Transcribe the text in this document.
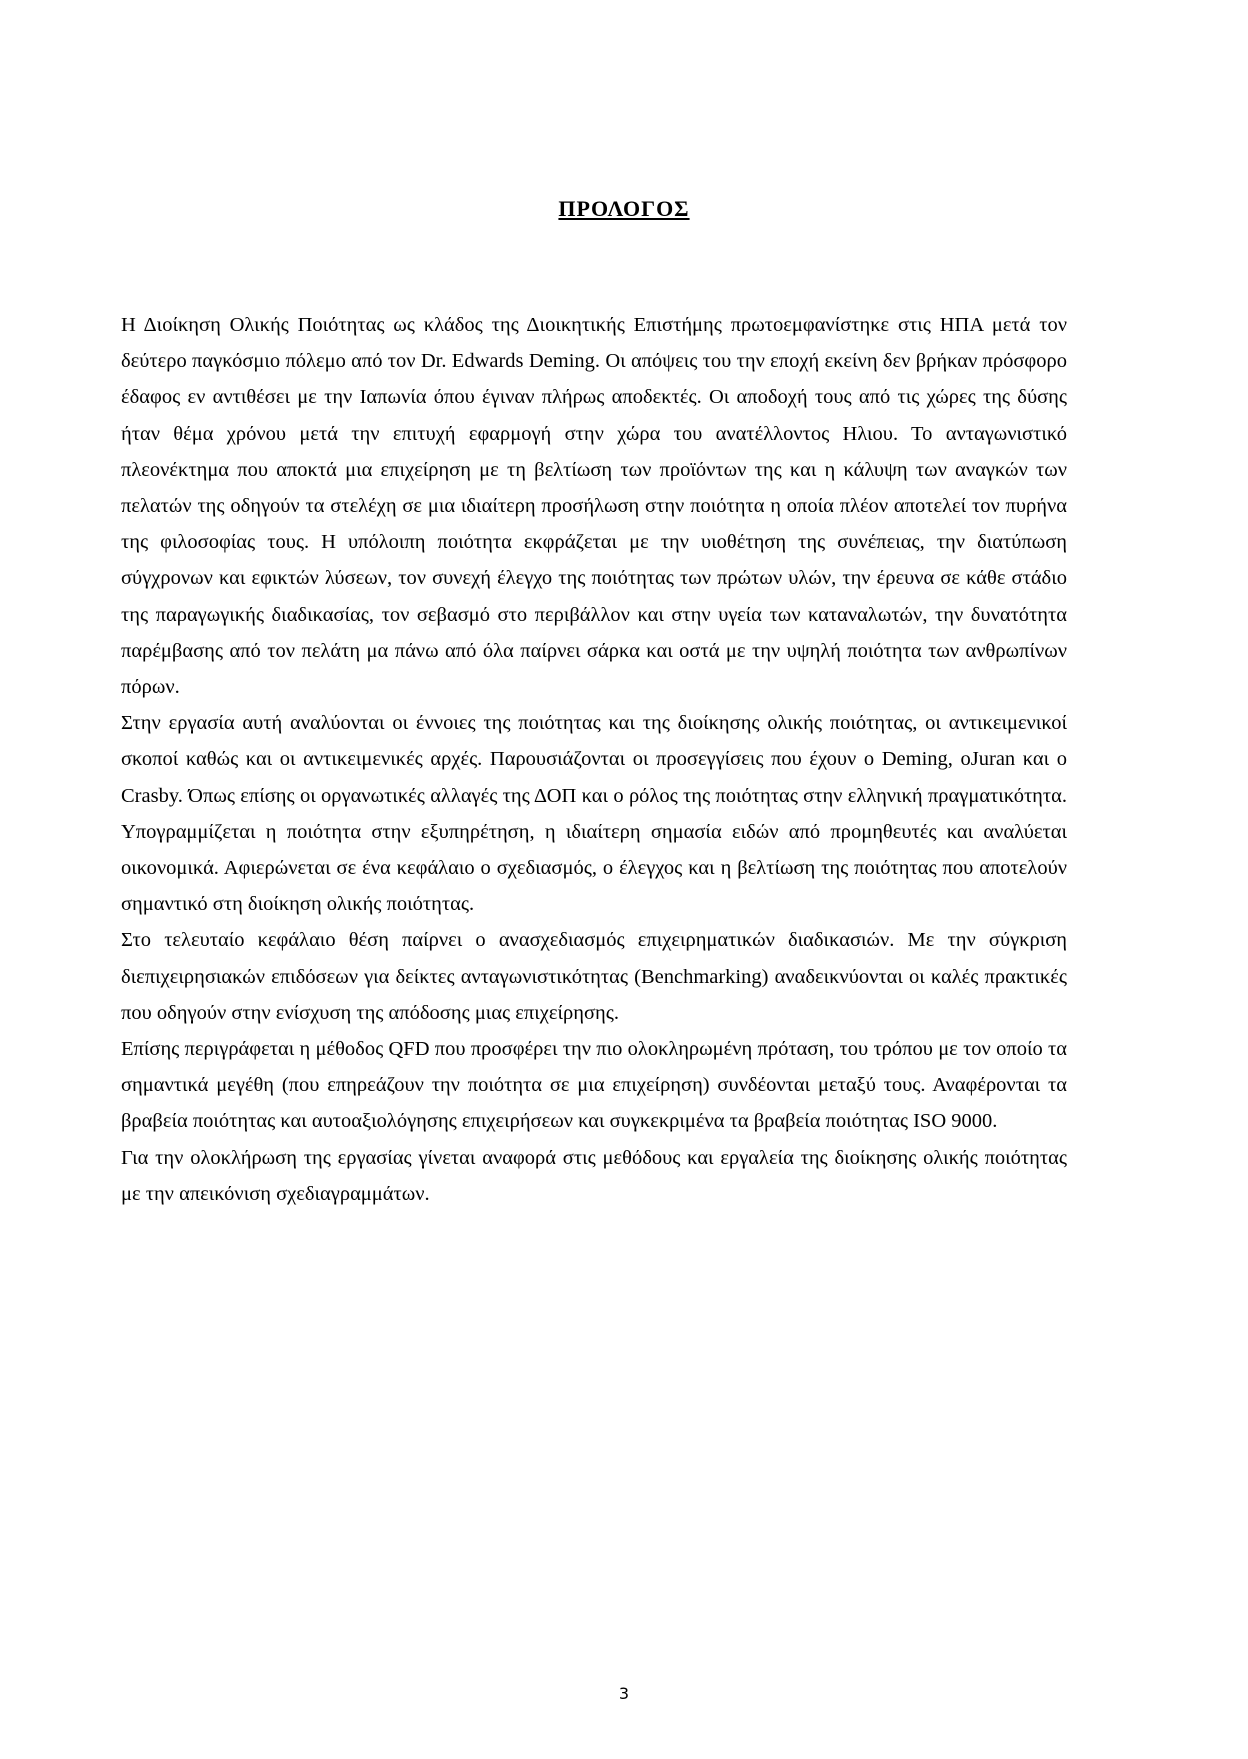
ΠΡΟΛΟΓΟΣ

Η Διοίκηση Ολικής Ποιότητας ως κλάδος της Διοικητικής Επιστήμης πρωτοεμφανίστηκε στις ΗΠΑ μετά τον δεύτερο παγκόσμιο πόλεμο από τον Dr. Edwards Deming. Οι απόψεις του την εποχή εκείνη δεν βρήκαν πρόσφορο έδαφος εν αντιθέσει με την Ιαπωνία όπου έγιναν πλήρως αποδεκτές. Οι αποδοχή τους από τις χώρες της δύσης ήταν θέμα χρόνου μετά την επιτυχή εφαρμογή στην χώρα του ανατέλλοντος Ηλιου. Το ανταγωνιστικό πλεονέκτημα που αποκτά μια επιχείρηση με τη βελτίωση των προϊόντων της και η κάλυψη των αναγκών των πελατών της οδηγούν τα στελέχη σε μια ιδιαίτερη προσήλωση στην ποιότητα η οποία πλέον αποτελεί τον πυρήνα της φιλοσοφίας τους. Η υπόλοιπη ποιότητα εκφράζεται με την υιοθέτηση της συνέπειας, την διατύπωση σύγχρονων και εφικτών λύσεων, τον συνεχή έλεγχο της ποιότητας των πρώτων υλών, την έρευνα σε κάθε στάδιο της παραγωγικής διαδικασίας, τον σεβασμό στο περιβάλλον και στην υγεία των καταναλωτών, την δυνατότητα παρέμβασης από τον πελάτη μα πάνω από όλα παίρνει σάρκα και οστά με την υψηλή ποιότητα των ανθρωπίνων πόρων.

Στην εργασία αυτή αναλύονται οι έννοιες της ποιότητας και της διοίκησης ολικής ποιότητας, οι αντικειμενικοί σκοποί καθώς και οι αντικειμενικές αρχές. Παρουσιάζονται οι προσεγγίσεις που έχουν ο Deming, oJuran και ο Crasby. Όπως επίσης οι οργανωτικές αλλαγές της ΔΟΠ και ο ρόλος της ποιότητας στην ελληνική πραγματικότητα. Υπογραμμίζεται η ποιότητα στην εξυπηρέτηση, η ιδιαίτερη σημασία ειδών από προμηθευτές και αναλύεται οικονομικά. Αφιερώνεται σε ένα κεφάλαιο ο σχεδιασμός, ο έλεγχος και η βελτίωση της ποιότητας που αποτελούν σημαντικό στη διοίκηση ολικής ποιότητας.

Στο τελευταίο κεφάλαιο θέση παίρνει ο ανασχεδιασμός επιχειρηματικών διαδικασιών. Με την σύγκριση διεπιχειρησιακών επιδόσεων για δείκτες ανταγωνιστικότητας (Benchmarking) αναδεικνύονται οι καλές πρακτικές που οδηγούν στην ενίσχυση της απόδοσης μιας επιχείρησης.

Επίσης περιγράφεται η μέθοδος QFD που προσφέρει την πιο ολοκληρωμένη πρόταση, του τρόπου με τον οποίο τα σημαντικά μεγέθη (που επηρεάζουν την ποιότητα σε μια επιχείρηση) συνδέονται μεταξύ τους. Αναφέρονται τα βραβεία ποιότητας και αυτοαξιολόγησης επιχειρήσεων και συγκεκριμένα τα βραβεία ποιότητας ISO 9000.

Για την ολοκλήρωση της εργασίας γίνεται αναφορά στις μεθόδους και εργαλεία της διοίκησης ολικής ποιότητας με την απεικόνιση σχεδιαγραμμάτων.

3
